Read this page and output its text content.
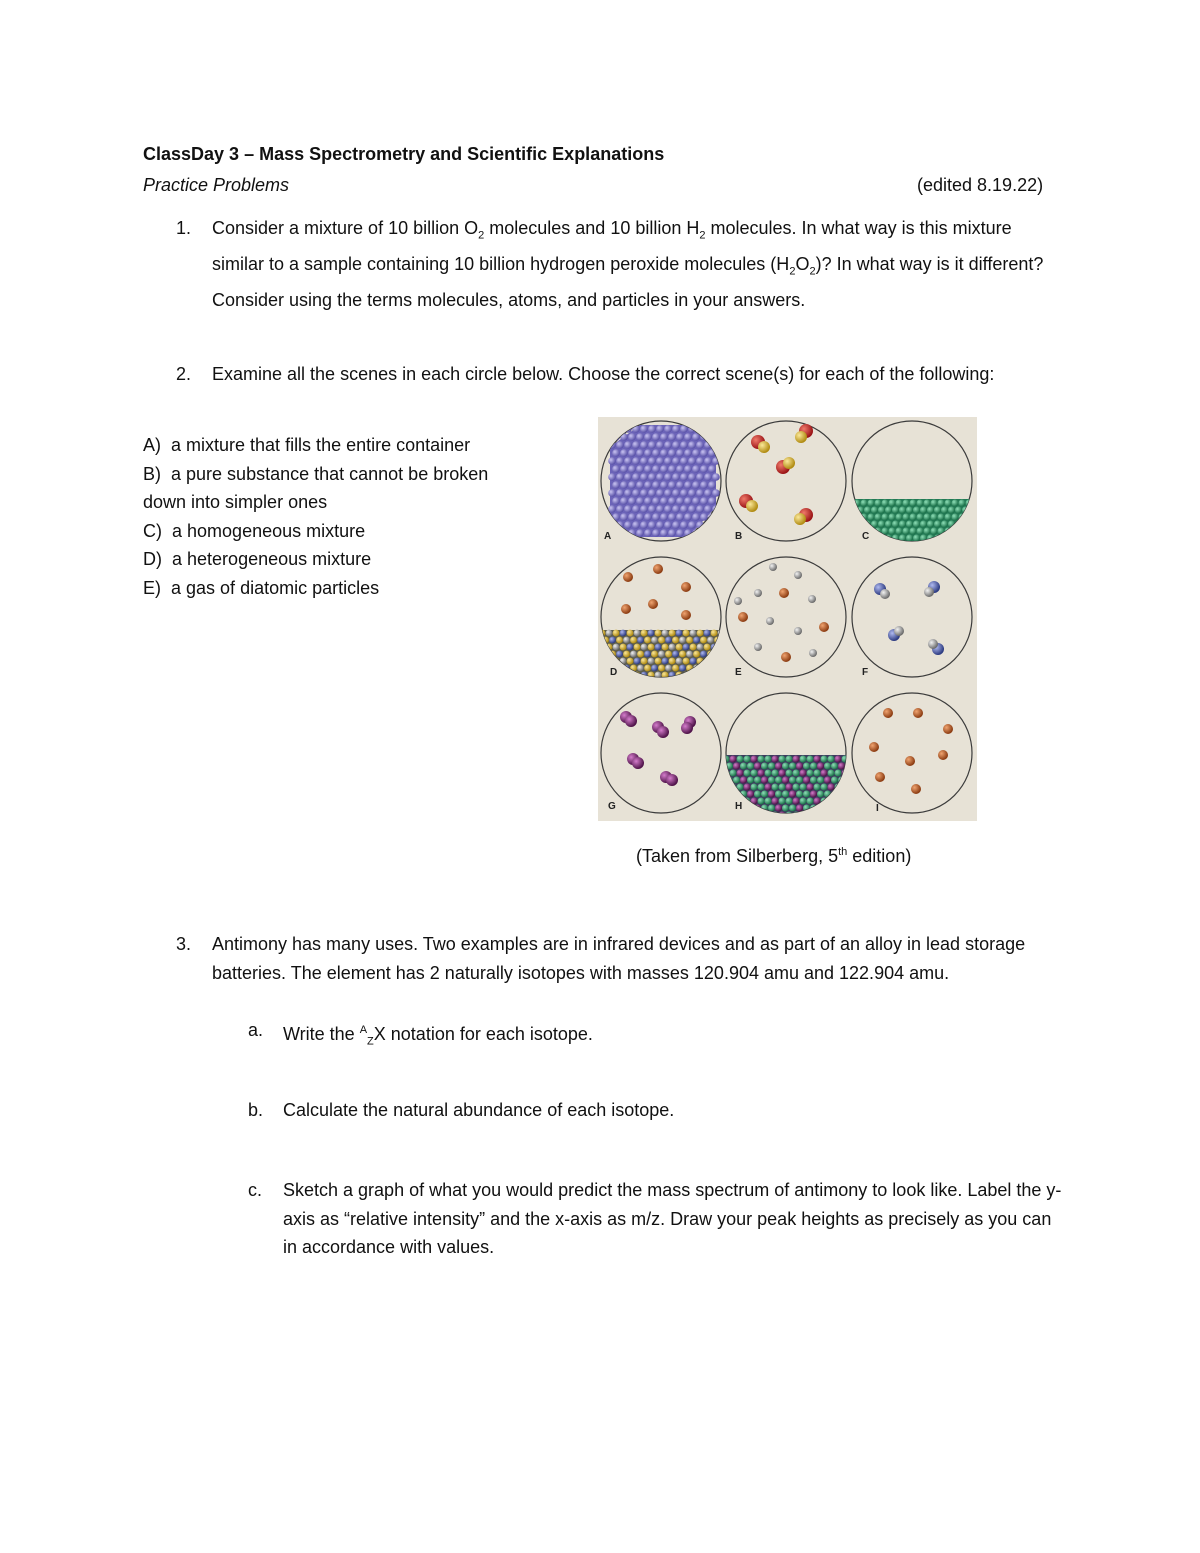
ClassDay 3 – Mass Spectrometry and Scientific Explanations
Practice Problems	(edited 8.19.22)
1. Consider a mixture of 10 billion $O_2$ molecules and 10 billion $H_2$ molecules. In what way is this mixture similar to a sample containing 10 billion hydrogen peroxide molecules $(H_2O_2)$? In what way is it different? Consider using the terms molecules, atoms, and particles in your answers.
2. Examine all the scenes in each circle below. Choose the correct scene(s) for each of the following:
A) a mixture that fills the entire container
B) a pure substance that cannot be broken
down into simpler ones
C) a homogeneous mixture
D) a heterogeneous mixture
E) a gas of diatomic particles
A	B	C
D	E	F
G	H	I
(Taken from Silberberg, 5th edition)
3. Antimony has many uses. Two examples are in infrared devices and as part of an alloy in lead storage batteries. The element has 2 naturally isotopes with masses 120.904 amu and 122.904 amu.
a. Write the $^A_Z$X notation for each isotope.
b. Calculate the natural abundance of each isotope.
c. Sketch a graph of what you would predict the mass spectrum of antimony to look like. Label the y-axis as “relative intensity” and the x-axis as m/z. Draw your peak heights as precisely as you can in accordance with values.
